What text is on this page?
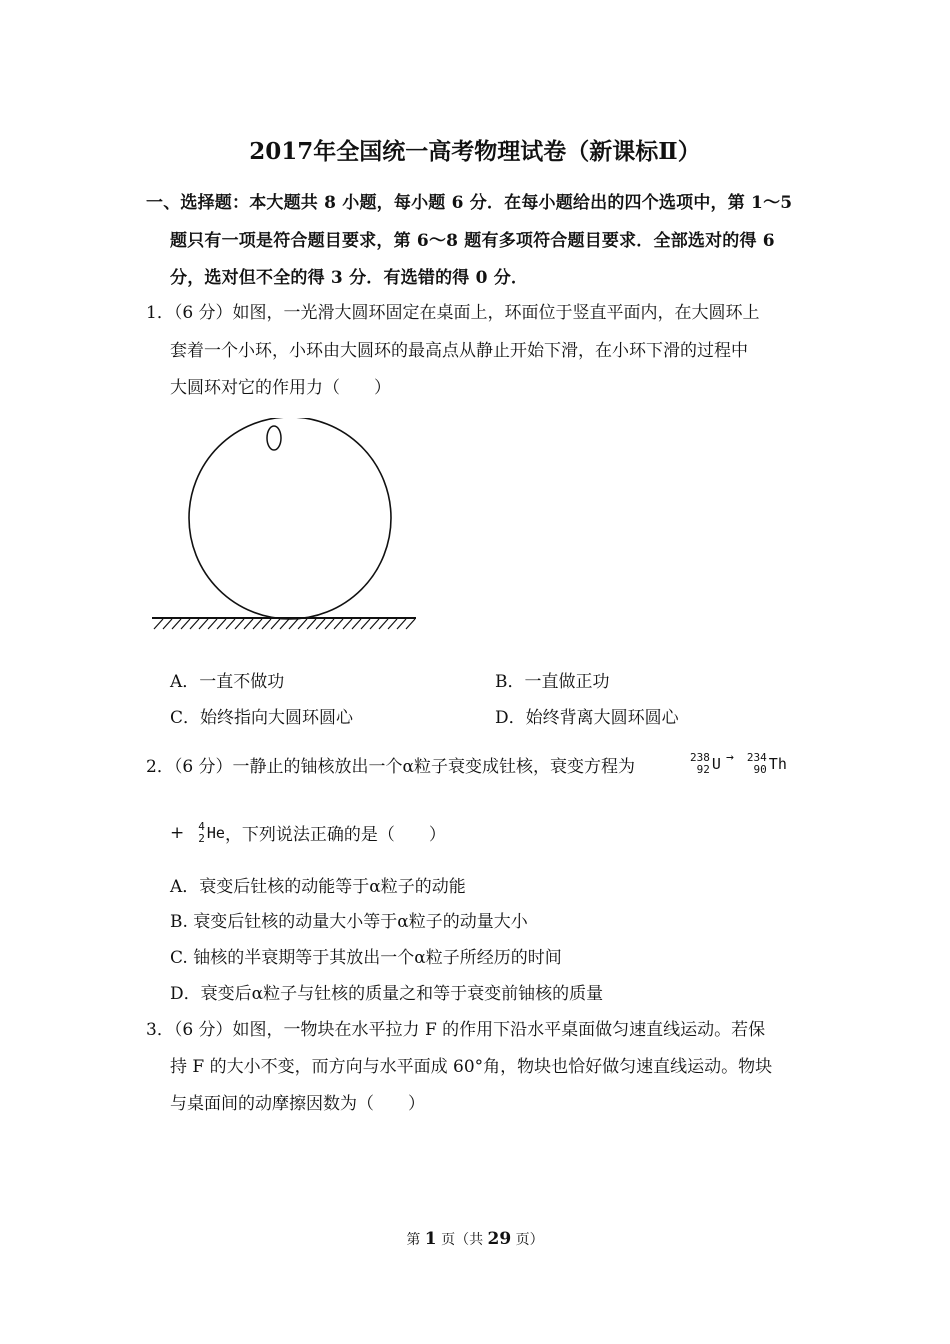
2017年全国统一高考物理试卷（新课标Ⅱ）
一、选择题：本大题共 8 小题，每小题 6 分．在每小题给出的四个选项中，第 1～5
题只有一项是符合题目要求，第 6～8 题有多项符合题目要求．全部选对的得 6
分，选对但不全的得 3 分．有选错的得 0 分．
1．（6 分）如图，一光滑大圆环固定在桌面上，环面位于竖直平面内，在大圆环上
套着一个小环，小环由大圆环的最高点从静止开始下滑，在小环下滑的过程中
大圆环对它的作用力（　　）
A．一直不做功	B．一直做正功
C．始终指向大圆环圆心	D．始终背离大圆环圆心
2．（6 分）一静止的铀核放出一个α粒子衰变成钍核，衰变方程为	238
92 U → 234
90 Th
+ 4
2 He ，下列说法正确的是（　　）
A．衰变后钍核的动能等于α粒子的动能
B. 衰变后钍核的动量大小等于α粒子的动量大小
C. 铀核的半衰期等于其放出一个α粒子所经历的时间
D．衰变后α粒子与钍核的质量之和等于衰变前铀核的质量
3．（6 分）如图，一物块在水平拉力 F 的作用下沿水平桌面做匀速直线运动。若保
持 F 的大小不变，而方向与水平面成 60°角，物块也恰好做匀速直线运动。物块
与桌面间的动摩擦因数为（　　）
第 1 页（共 29 页）
